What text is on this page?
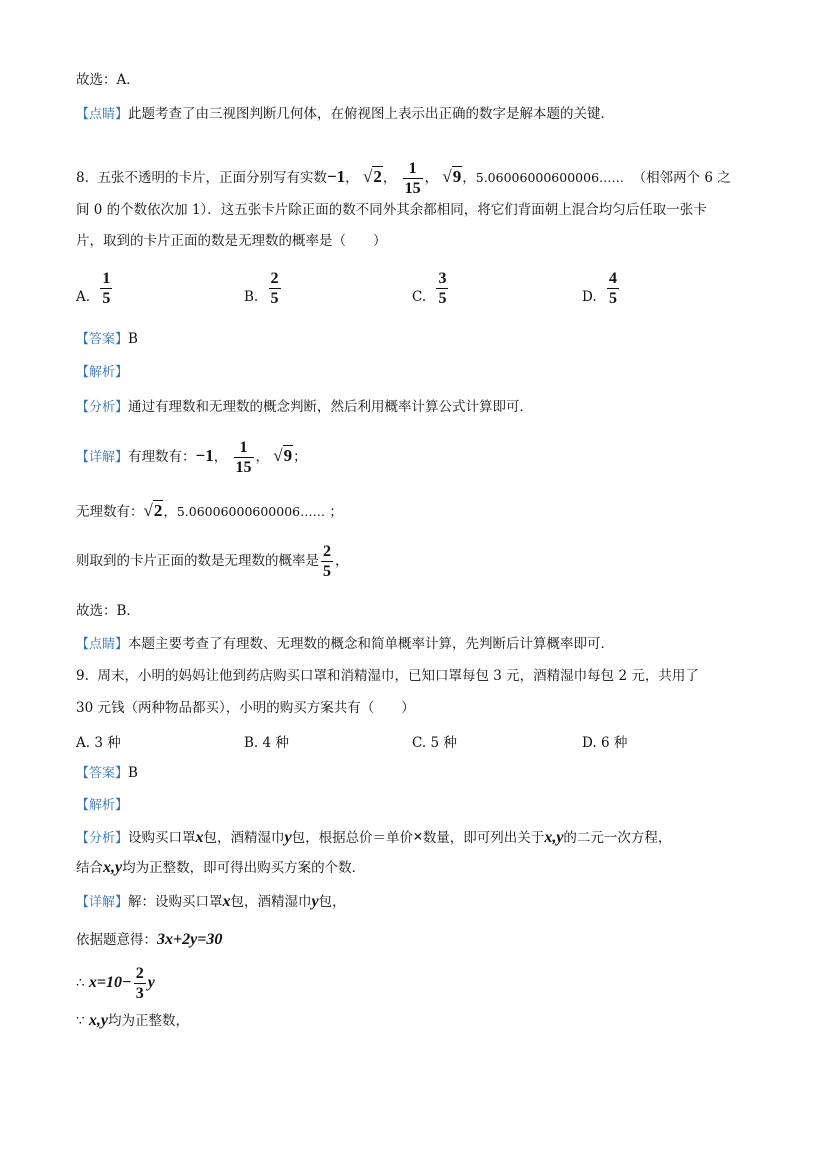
故选：A．
【点睛】此题考查了由三视图判断几何体，在俯视图上表示出正确的数字是解本题的关键．
8. 五张不透明的卡片，正面分别写有实数−1， √2， $\frac{1}{15}$ ， √9，5.06006000600006…… （相邻两个 6 之
间 0 的个数依次加 1）．这五张卡片除正面的数不同外其余都相同，将它们背面朝上混合均匀后任取一张卡
片，取到的卡片正面的数是无理数的概率是（　　）
A. $\frac{1}{5}$	B. $\frac{2}{5}$	C. $\frac{3}{5}$	D. $\frac{4}{5}$
【答案】B
【解析】
【分析】通过有理数和无理数的概念判断，然后利用概率计算公式计算即可．
【详解】有理数有：−1， $\frac{1}{15}$ ， √9；
无理数有：√2，5.06006000600006…… ；
则取到的卡片正面的数是无理数的概率是 $\frac{2}{5}$ ，
故选：B．
【点睛】本题主要考查了有理数、无理数的概念和简单概率计算，先判断后计算概率即可．
9. 周末，小明的妈妈让他到药店购买口罩和消精湿巾，已知口罩每包 3 元，酒精湿巾每包 2 元，共用了
30 元钱（两种物品都买），小明的购买方案共有（　　）
A. 3 种	B. 4 种	C. 5 种	D. 6 种
【答案】B
【解析】
【分析】设购买口罩x包，酒精湿巾y包，根据总价＝单价×数量，即可列出关于x,y的二元一次方程，
结合x,y均为正整数，即可得出购买方案的个数．
【详解】解：设购买口罩x包，酒精湿巾y包，
依据题意得：3x+2y=30
∴ $x=10- \frac{2}{3}$ y
∵ x,y均为正整数，
